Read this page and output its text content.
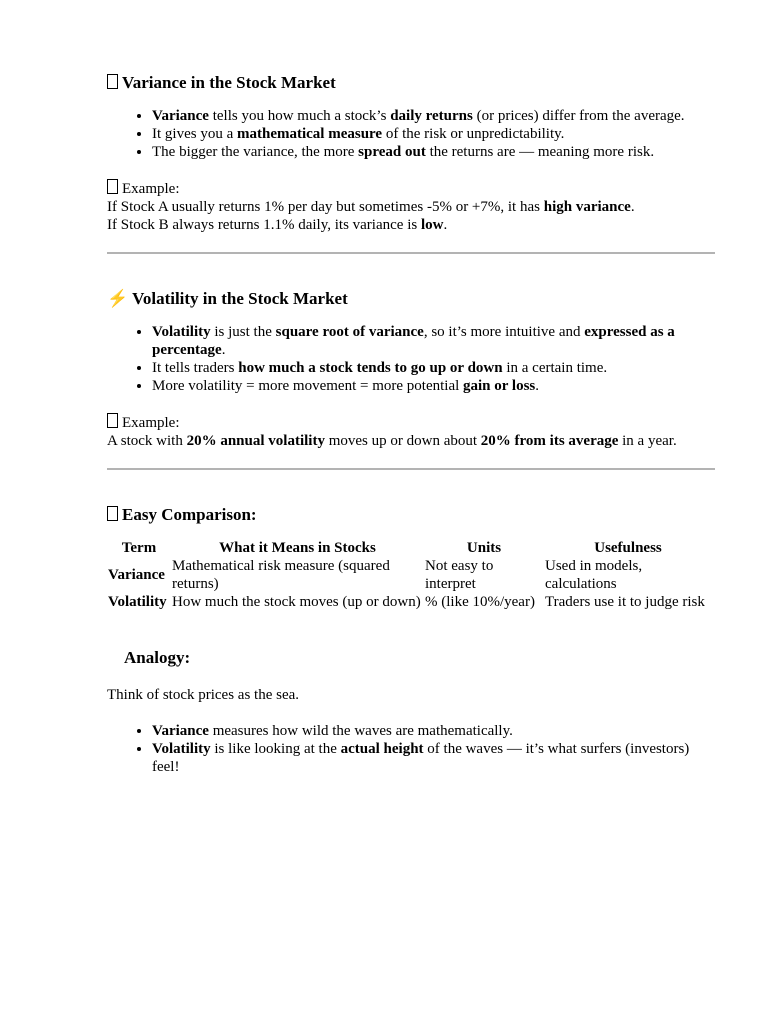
Variance in the Stock Market
• Variance tells you how much a stock’s daily returns (or prices) differ from the average.
• It gives you a mathematical measure of the risk or unpredictability.
• The bigger the variance, the more spread out the returns are — meaning more risk.

Example:

If Stock A usually returns 1% per day but sometimes -5% or +7%, it has high variance.

If Stock B always returns 1.1% daily, its variance is low.

⚡ Volatility in the Stock Market
• Volatility is just the square root of variance, so it’s more intuitive and expressed as a percentage.
• It tells traders how much a stock tends to go up or down in a certain time.
• More volatility = more movement = more potential gain or loss.

Example:

A stock with 20% annual volatility moves up or down about 20% from its average in a year.

Easy Comparison:
Term	What it Means in Stocks	Units	Usefulness
Variance	Mathematical risk measure (squared returns)	Not easy to interpret	Used in models, calculations
Volatility	How much the stock moves (up or down)	% (like 10%/year)	Traders use it to judge risk
Analogy:

Think of stock prices as the sea.

• Variance measures how wild the waves are mathematically.
• Volatility is like looking at the actual height of the waves — it’s what surfers (investors) feel!
